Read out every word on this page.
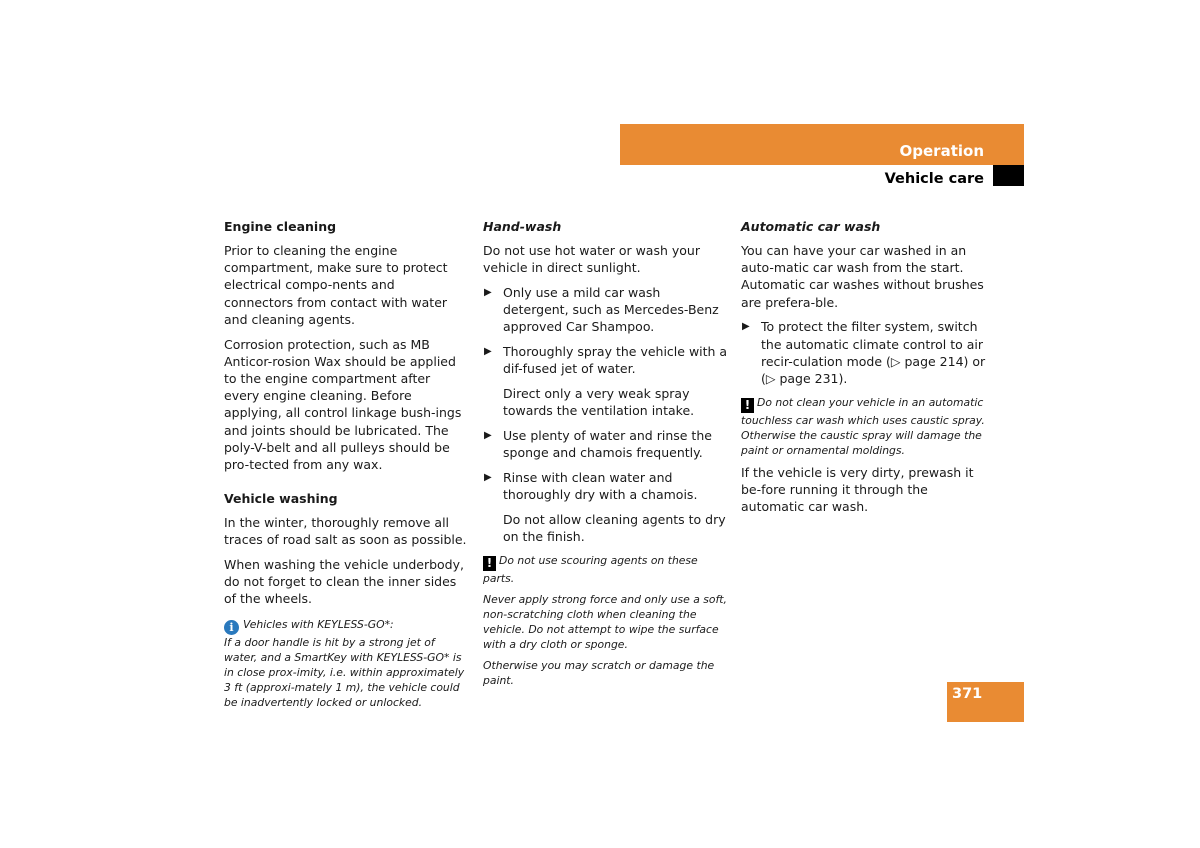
Operation
Vehicle care
Engine cleaning

Prior to cleaning the engine compartment, make sure to protect electrical compo-nents and connectors from contact with water and cleaning agents.

Corrosion protection, such as MB Anticor-rosion Wax should be applied to the engine compartment after every engine cleaning. Before applying, all control linkage bush-ings and joints should be lubricated. The poly-V-belt and all pulleys should be pro-tected from any wax.

Vehicle washing

In the winter, thoroughly remove all traces of road salt as soon as possible.

When washing the vehicle underbody, do not forget to clean the inner sides of the wheels.

i Vehicles with KEYLESS-GO*:
If a door handle is hit by a strong jet of water, and a SmartKey with KEYLESS-GO* is in close prox-imity, i.e. within approximately 3 ft (approxi-mately 1 m), the vehicle could be inadvertently locked or unlocked.
Hand-wash

Do not use hot water or wash your vehicle in direct sunlight.

▶ Only use a mild car wash detergent, such as Mercedes-Benz approved Car Shampoo.
▶ Thoroughly spray the vehicle with a dif-fused jet of water.
Direct only a very weak spray towards the ventilation intake.
▶ Use plenty of water and rinse the sponge and chamois frequently.
▶ Rinse with clean water and thoroughly dry with a chamois.
Do not allow cleaning agents to dry on the finish.
! Do not use scouring agents on these parts.
Never apply strong force and only use a soft, non-scratching cloth when cleaning the vehicle. Do not attempt to wipe the surface with a dry cloth or sponge.
Otherwise you may scratch or damage the paint.
Automatic car wash

You can have your car washed in an auto-matic car wash from the start. Automatic car washes without brushes are prefera-ble.

▶ To protect the filter system, switch the automatic climate control to air recir-culation mode (▷ page 214) or (▷ page 231).
! Do not clean your vehicle in an automatic touchless car wash which uses caustic spray. Otherwise the caustic spray will damage the paint or ornamental moldings.

If the vehicle is very dirty, prewash it be-fore running it through the automatic car wash.

371
